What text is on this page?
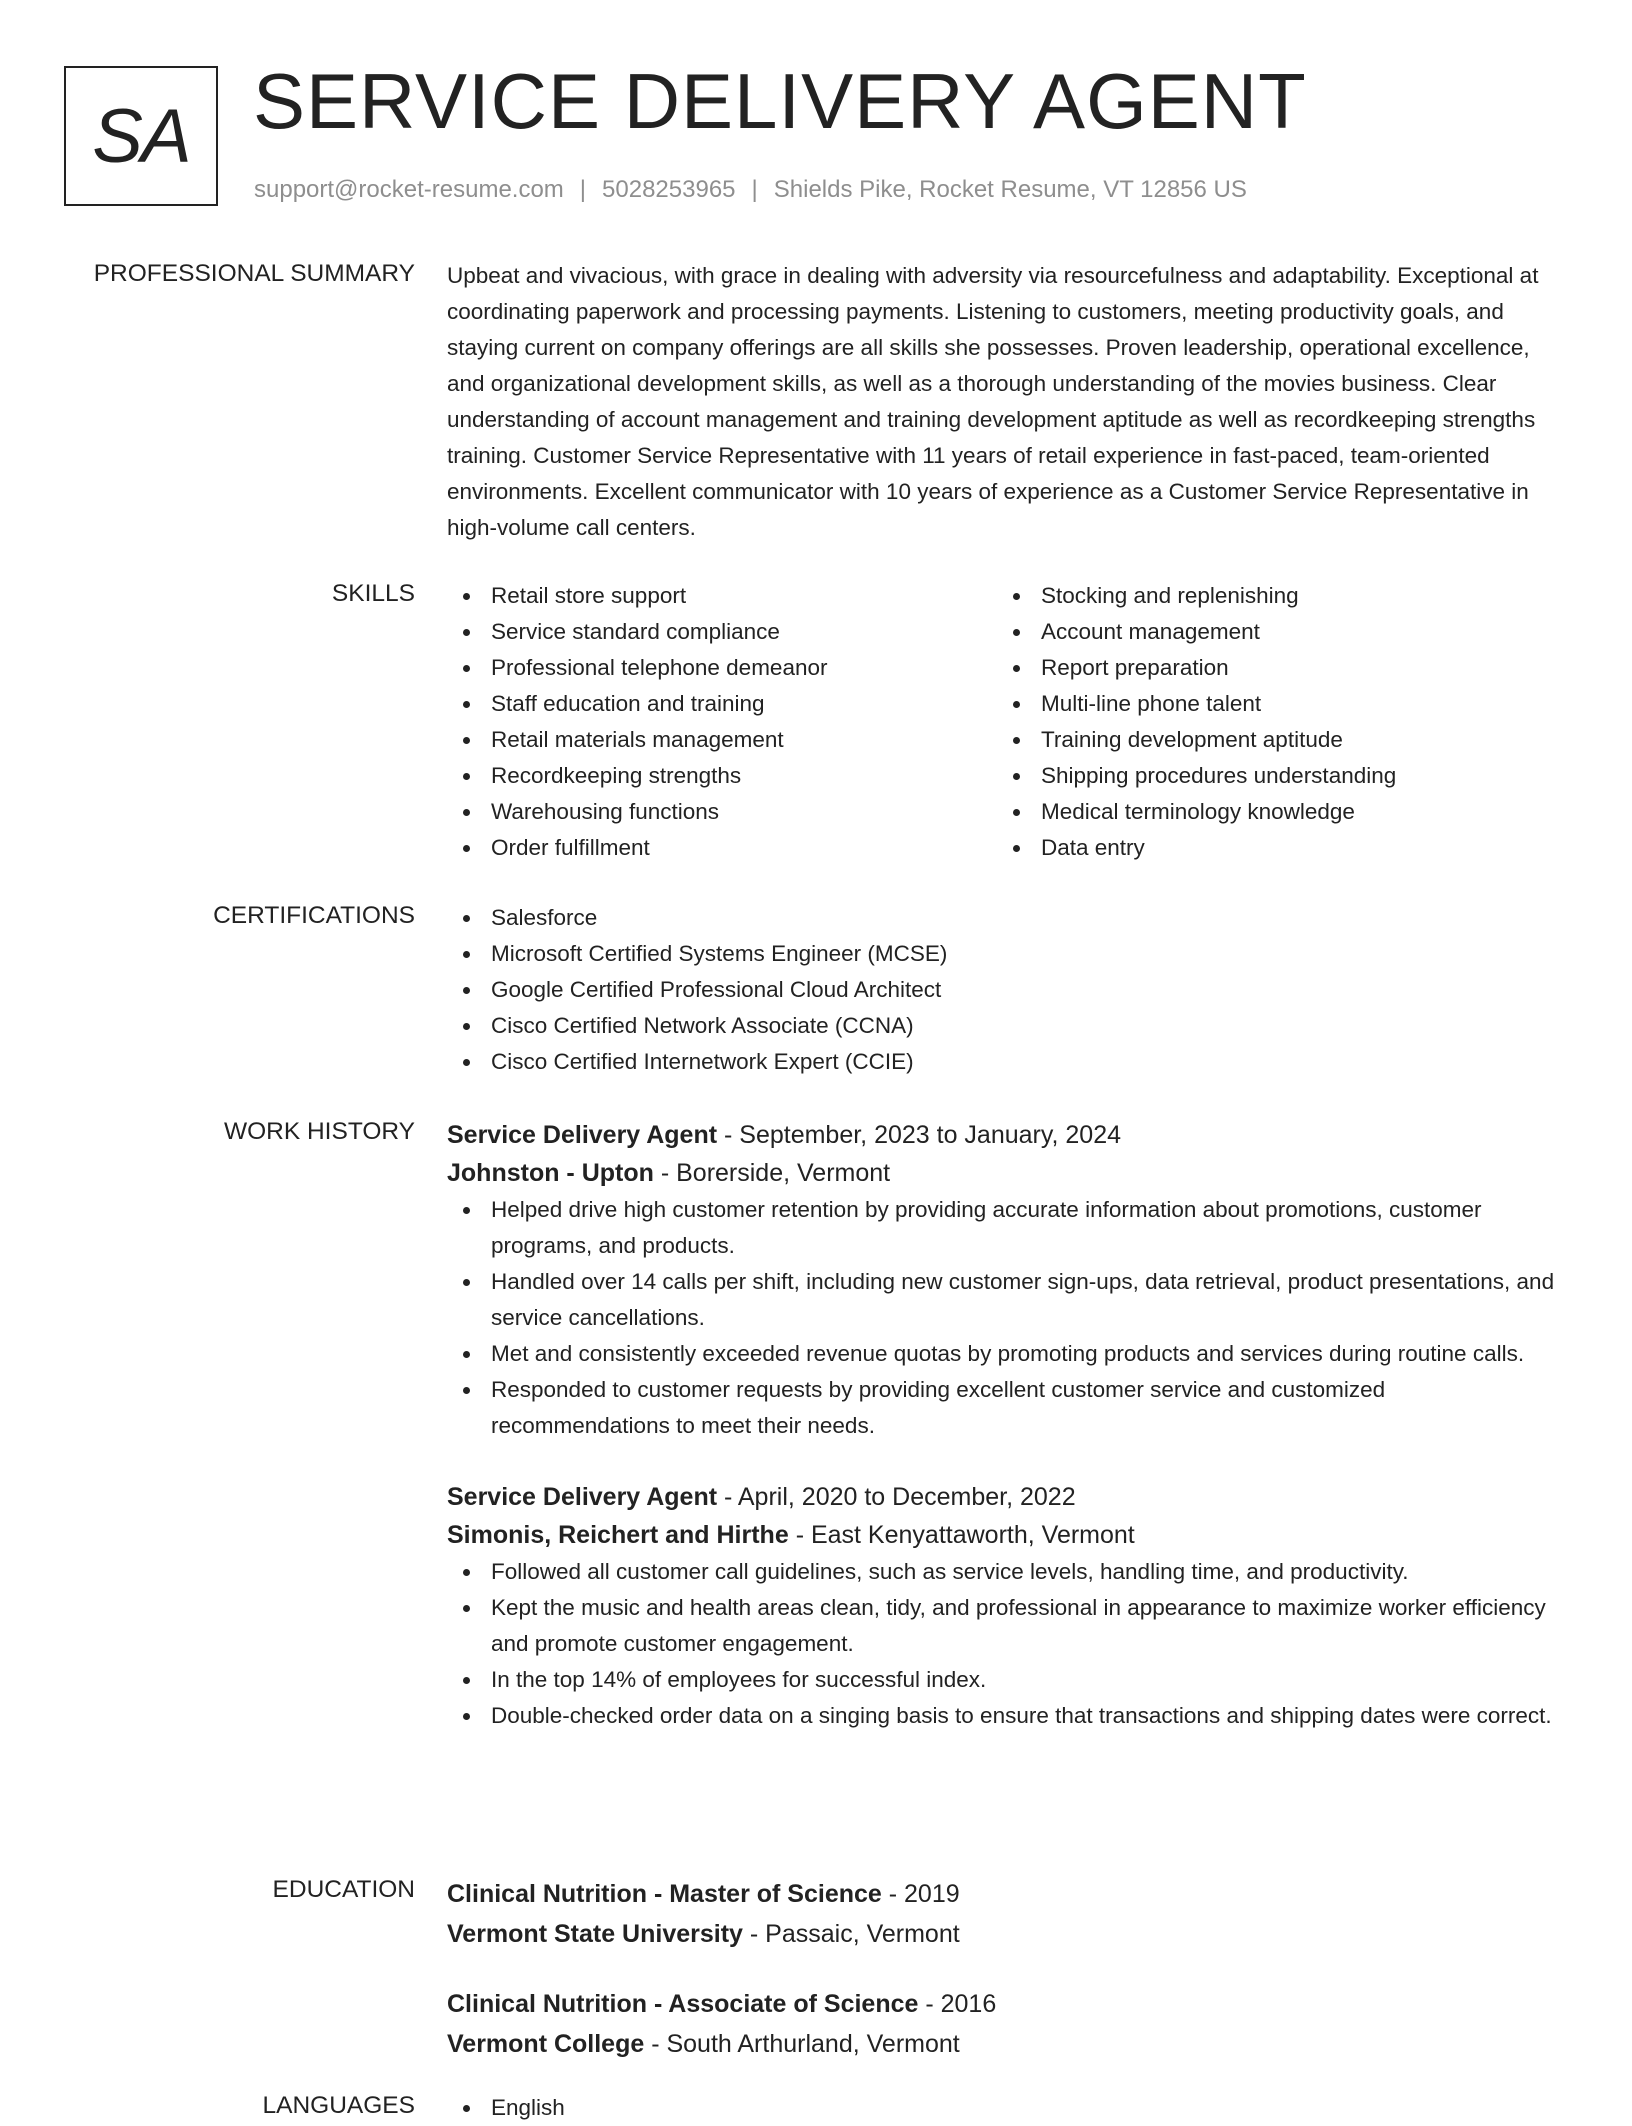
SA SERVICE DELIVERY AGENT
support@rocket-resume.com | 5028253965 | Shields Pike, Rocket Resume, VT 12856 US
PROFESSIONAL SUMMARY Upbeat and vivacious, with grace in dealing with adversity via resourcefulness and adaptability. Exceptional at coordinating paperwork and processing payments. Listening to customers, meeting productivity goals, and staying current on company offerings are all skills she possesses. Proven leadership, operational excellence, and organizational development skills, as well as a thorough understanding of the movies business. Clear understanding of account management and training development aptitude as well as recordkeeping strengths training. Customer Service Representative with 11 years of retail experience in fast-paced, team-oriented environments. Excellent communicator with 10 years of experience as a Customer Service Representative in high-volume call centers.
SKILLS	Retail store support
Service standard compliance
Professional telephone demeanor
Staff education and training
Retail materials management
Recordkeeping strengths
Warehousing functions
Order fulfillment
Stocking and replenishing
Account management
Report preparation
Multi-line phone talent
Training development aptitude
Shipping procedures understanding
Medical terminology knowledge
Data entry
CERTIFICATIONS	Salesforce
Microsoft Certified Systems Engineer (MCSE)
Google Certified Professional Cloud Architect
Cisco Certified Network Associate (CCNA)
Cisco Certified Internetwork Expert (CCIE)
WORK HISTORY Service Delivery Agent - September, 2023 to January, 2024
Johnston - Upton - Borerside, Vermont
Helped drive high customer retention by providing accurate information about promotions, customer programs, and products.
Handled over 14 calls per shift, including new customer sign-ups, data retrieval, product presentations, and service cancellations.
Met and consistently exceeded revenue quotas by promoting products and services during routine calls.
Responded to customer requests by providing excellent customer service and customized recommendations to meet their needs.
Service Delivery Agent - April, 2020 to December, 2022
Simonis, Reichert and Hirthe - East Kenyattaworth, Vermont
Followed all customer call guidelines, such as service levels, handling time, and productivity.
Kept the music and health areas clean, tidy, and professional in appearance to maximize worker efficiency and promote customer engagement.
In the top 14% of employees for successful index.
Double-checked order data on a singing basis to ensure that transactions and shipping dates were correct.
EDUCATION Clinical Nutrition - Master of Science - 2019
Vermont State University - Passaic, Vermont
Clinical Nutrition - Associate of Science - 2016
Vermont College - South Arthurland, Vermont
LANGUAGES	English
